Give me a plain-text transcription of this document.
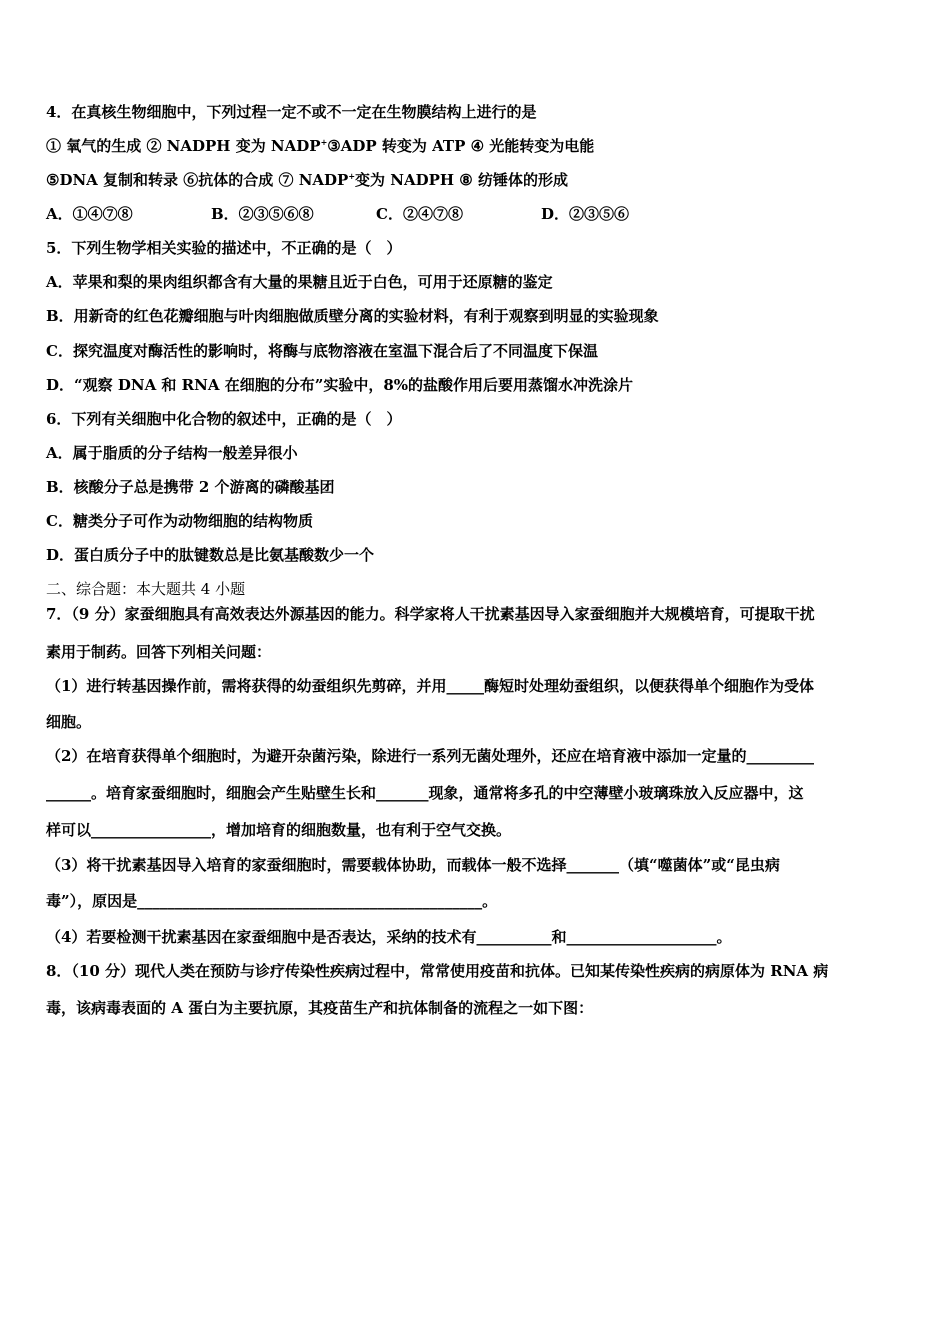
4．在真核生物细胞中，下列过程一定不或不一定在生物膜结构上进行的是
① 氧气的生成 ② NADPH 变为 NADP+③ADP 转变为 ATP ④ 光能转变为电能
⑤DNA 复制和转录 ⑥抗体的合成 ⑦ NADP+变为 NADPH ⑧ 纺锤体的形成
A．①④⑦⑧	B．②③⑤⑥⑧	C．②④⑦⑧	D．②③⑤⑥
5．下列生物学相关实验的描述中，不正确的是（　）
A．苹果和梨的果肉组织都含有大量的果糖且近于白色，可用于还原糖的鉴定
B．用新奇的红色花瓣细胞与叶肉细胞做质壁分离的实验材料，有利于观察到明显的实验现象
C．探究温度对酶活性的影响时，将酶与底物溶液在室温下混合后了不同温度下保温
D．“观察 DNA 和 RNA 在细胞的分布”实验中，8%的盐酸作用后要用蒸馏水冲洗涂片
6．下列有关细胞中化合物的叙述中，正确的是（　）
A．属于脂质的分子结构一般差异很小
B．核酸分子总是携带 2 个游离的磷酸基团
C．糖类分子可作为动物细胞的结构物质
D．蛋白质分子中的肽键数总是比氨基酸数少一个
二、综合题：本大题共 4 小题
7．（9 分）家蚕细胞具有高效表达外源基因的能力。科学家将人干扰素基因导入家蚕细胞并大规模培育，可提取干扰
素用于制药。回答下列相关问题：
（1）进行转基因操作前，需将获得的幼蚕组织先剪碎，并用_____酶短时处理幼蚕组织，以便获得单个细胞作为受体
细胞。
（2）在培育获得单个细胞时，为避开杂菌污染，除进行一系列无菌处理外，还应在培育液中添加一定量的_________
______。培育家蚕细胞时，细胞会产生贴壁生长和_______现象，通常将多孔的中空薄壁小玻璃珠放入反应器中，这
样可以________________，增加培育的细胞数量，也有利于空气交换。
（3）将干扰素基因导入培育的家蚕细胞时，需要载体协助，而载体一般不选择_______（填“噬菌体”或“昆虫病
毒”），原因是______________________________________________。
（4）若要检测干扰素基因在家蚕细胞中是否表达，采纳的技术有__________和____________________。
8．（10 分）现代人类在预防与诊疗传染性疾病过程中，常常使用疫苗和抗体。已知某传染性疾病的病原体为 RNA 病
毒，该病毒表面的 A 蛋白为主要抗原，其疫苗生产和抗体制备的流程之一如下图：
